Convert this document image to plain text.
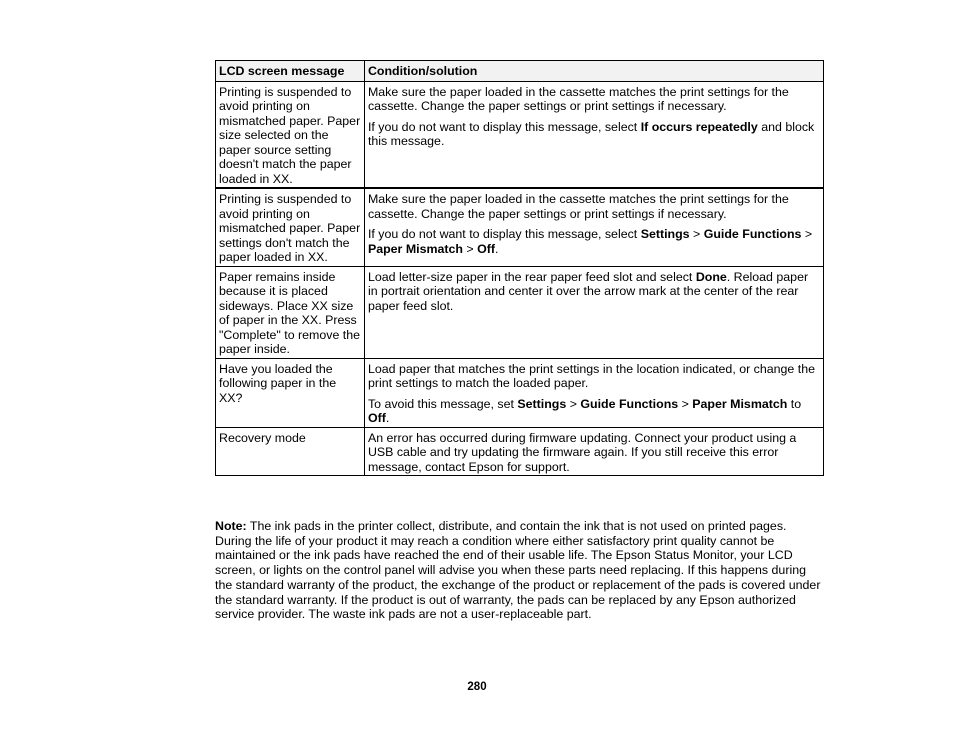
LCD screen message	Condition/solution
Printing is suspended to avoid printing on mismatched paper. Paper size selected on the paper source setting doesn't match the paper loaded in XX.	Make sure the paper loaded in the cassette matches the print settings for the cassette. Change the paper settings or print settings if necessary.

If you do not want to display this message, select If occurs repeatedly and block this message.

Printing is suspended to avoid printing on mismatched paper. Paper settings don't match the paper loaded in XX.	Make sure the paper loaded in the cassette matches the print settings for the cassette. Change the paper settings or print settings if necessary.

If you do not want to display this message, select Settings > Guide Functions > Paper Mismatch > Off.

Paper remains inside because it is placed sideways. Place XX size of paper in the XX. Press "Complete" to remove the paper inside.	Load letter-size paper in the rear paper feed slot and select Done. Reload paper in portrait orientation and center it over the arrow mark at the center of the rear paper feed slot.

Have you loaded the following paper in the XX?	Load paper that matches the print settings in the location indicated, or change the print settings to match the loaded paper.

To avoid this message, set Settings > Guide Functions > Paper Mismatch to Off.

Recovery mode	An error has occurred during firmware updating. Connect your product using a USB cable and try updating the firmware again. If you still receive this error message, contact Epson for support.

Note: The ink pads in the printer collect, distribute, and contain the ink that is not used on printed pages. During the life of your product it may reach a condition where either satisfactory print quality cannot be maintained or the ink pads have reached the end of their usable life. The Epson Status Monitor, your LCD screen, or lights on the control panel will advise you when these parts need replacing. If this happens during the standard warranty of the product, the exchange of the product or replacement of the pads is covered under the standard warranty. If the product is out of warranty, the pads can be replaced by any Epson authorized service provider. The waste ink pads are not a user-replaceable part.

280
